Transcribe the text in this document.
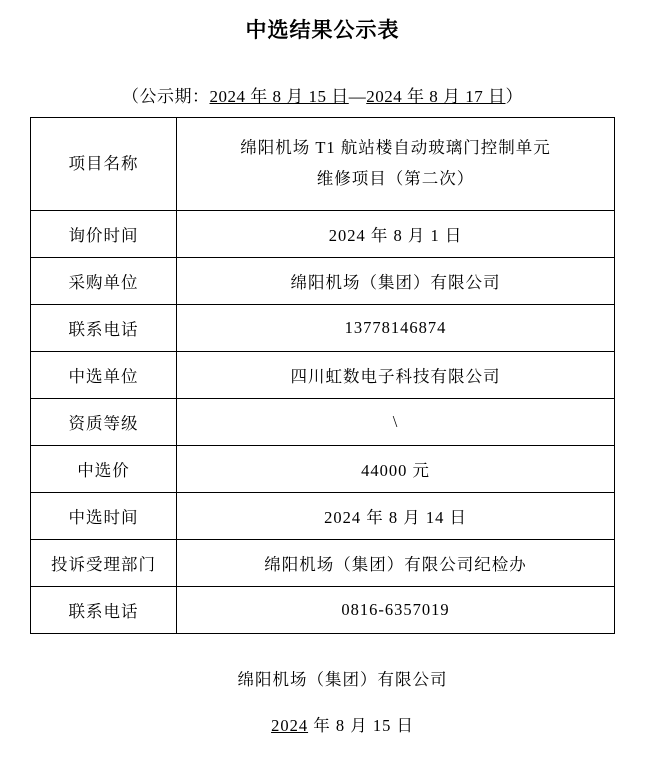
中选结果公示表
（公示期：2024 年 8 月 15 日—2024 年 8 月 17 日）
项目名称	绵阳机场 T1 航站楼自动玻璃门控制单元
维修项目（第二次）

询价时间	2024 年 8 月 1 日
采购单位	绵阳机场（集团）有限公司
联系电话	13778146874
中选单位	四川虹数电子科技有限公司
资质等级	\
中选价	44000 元
中选时间	2024 年 8 月 14 日
投诉受理部门	绵阳机场（集团）有限公司纪检办
联系电话	0816-6357019
绵阳机场（集团）有限公司
2024 年 8 月 15 日
